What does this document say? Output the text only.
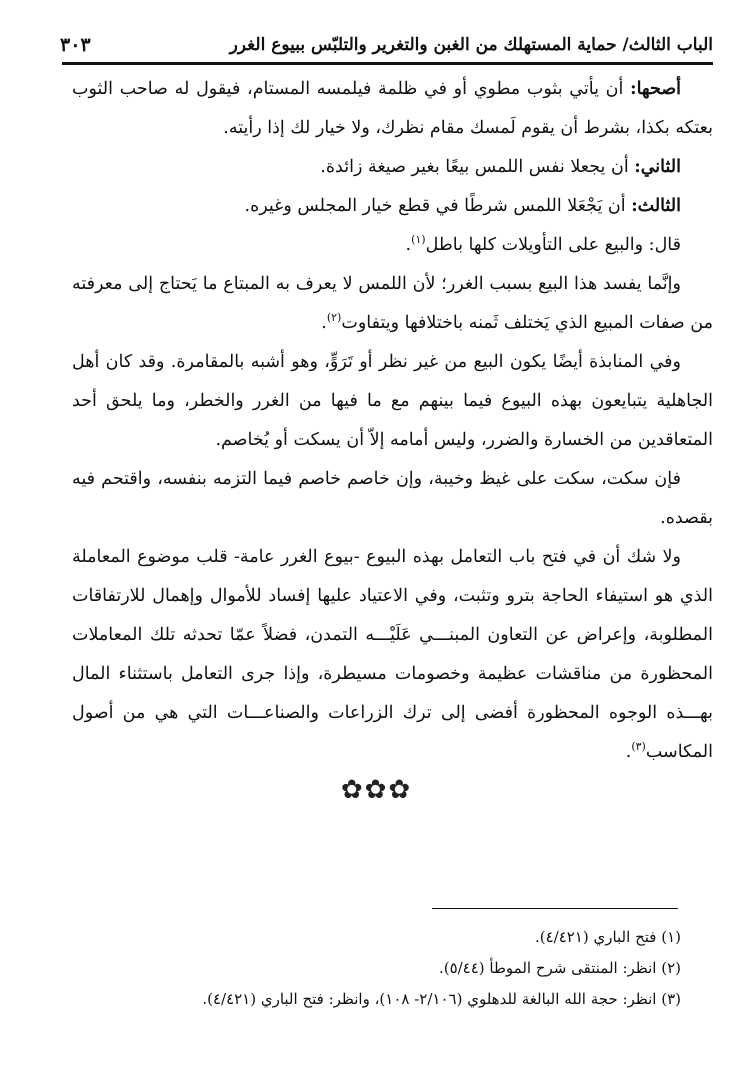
الباب الثالث/ حماية المستهلك من الغبن والتغرير والتلبّس ببيوع الغرر
٣٠٣

أصحها: أن يأتي بثوب مطوي أو في ظلمة فيلمسه المستام، فيقول له صاحب الثوب بعتكه بكذا، بشرط أن يقوم لَمسك مقام نظرك، ولا خيار لك إذا رأيته.

الثاني: أن يجعلا نفس اللمس بيعًا بغير صيغة زائدة.

الثالث: أن يَجْعَلا اللمس شرطًا في قطع خيار المجلس وغيره.

قال: والبيع على التأويلات كلها باطل$^{(١)}$.

وإنَّما يفسد هذا البيع بسبب الغرر؛ لأن اللمس لا يعرف به المبتاع ما يَحتاج إلى معرفته من صفات المبيع الذي يَختلف ثَمنه باختلافها ويتفاوت$^{(٢)}$.

وفي المنابذة أيضًا يكون البيع من غير نظر أو تَرَوٍّ، وهو أشبه بالمقامرة. وقد كان أهل الجاهلية يتبايعون بهذه البيوع فيما بينهم مع ما فيها من الغرر والخطر، وما يلحق أحد المتعاقدين من الخسارة والضرر، وليس أمامه إلاّ أن يسكت أو يُخاصم.

فإن سكت، سكت على غيظ وخيبة، وإن خاصم خاصم فيما التزمه بنفسه، واقتحم فيه بقصده.

ولا شك أن في فتح باب التعامل بهذه البيوع -بيوع الغرر عامة- قلب موضوع المعاملة الذي هو استيفاء الحاجة بترو وتثبت، وفي الاعتياد عليها إفساد للأموال وإهمال للارتفاقات المطلوبة، وإعراض عن التعاون المبنـــي عَلَيْـــه التمدن، فضلاً عمّا تحدثه تلك المعاملات المحظورة من مناقشات عظيمة وخصومات مسيطرة، وإذا جرى التعامل باستثناء المال بهـــذه الوجوه المحظورة أفضى إلى ترك الزراعات والصناعـــات التي هي من أصول المكاسب$^{(٣)}$.

✿✿✿

(١) فتح الباري (٤/٤٢١).

(٢) انظر: المنتقى شرح الموطأ (٥/٤٤).

(٣) انظر: حجة الله البالغة للدهلوي (٢/١٠٦- ١٠٨)، وانظر: فتح الباري (٤/٤٢١).
